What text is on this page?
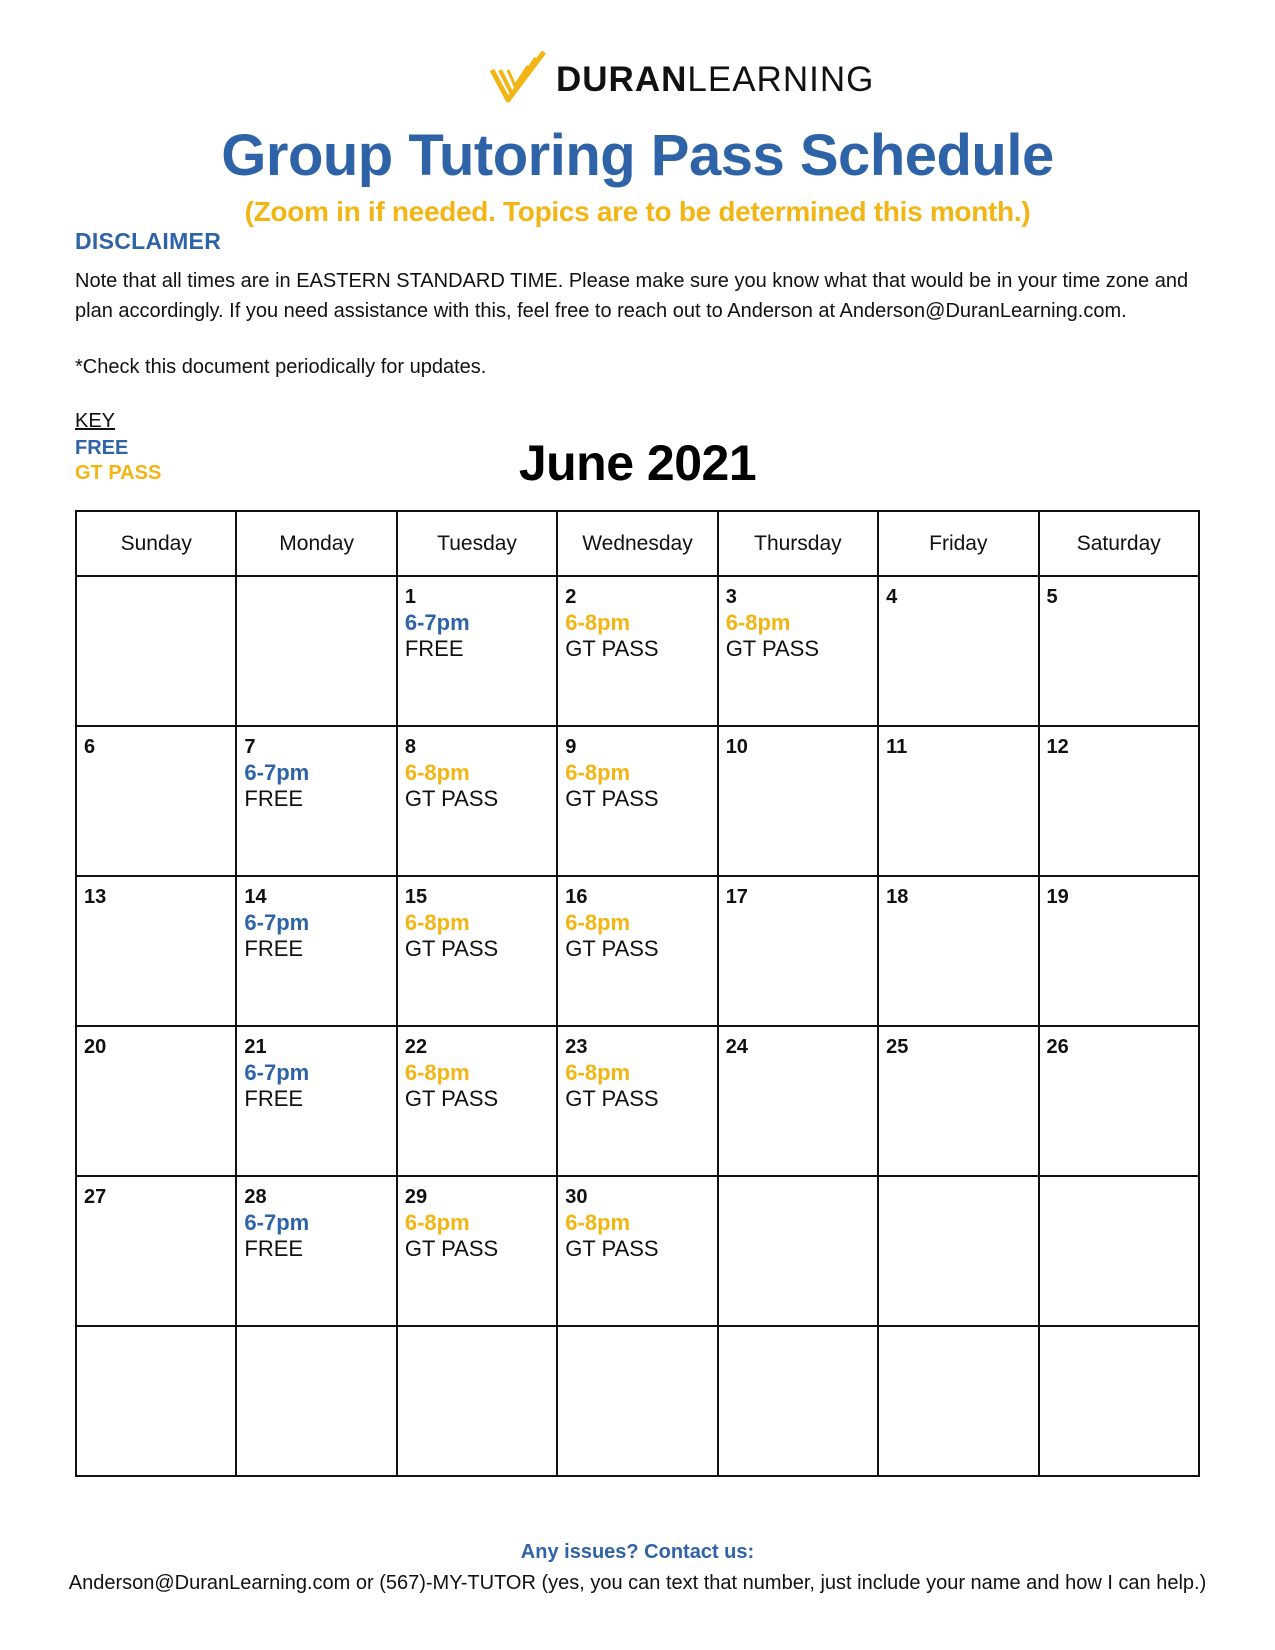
DURANLEARNING
Group Tutoring Pass Schedule
(Zoom in if needed. Topics are to be determined this month.)
DISCLAIMER
Note that all times are in EASTERN STANDARD TIME. Please make sure you know what that would be in your time zone and plan accordingly. If you need assistance with this, feel free to reach out to Anderson at Anderson@DuranLearning.com.
*Check this document periodically for updates.
KEY
FREE
GT PASS	June 2021
Sunday	Monday	Tuesday	Wednesday	Thursday	Friday	Saturday

		1
6-7pm
FREE	2
6-8pm
GT PASS	3
6-8pm
GT PASS	4	5

6	7
6-7pm
FREE	8
6-8pm
GT PASS	9
6-8pm
GT PASS	10	11	12

13	14
6-7pm
FREE	15
6-8pm
GT PASS	16
6-8pm
GT PASS	17	18	19

20	21
6-7pm
FREE	22
6-8pm
GT PASS	23
6-8pm
GT PASS	24	25	26

27	28
6-7pm
FREE	29
6-8pm
GT PASS	30
6-8pm
GT PASS			

Any issues? Contact us:
Anderson@DuranLearning.com or (567)-MY-TUTOR (yes, you can text that number, just include your name and how I can help.)
